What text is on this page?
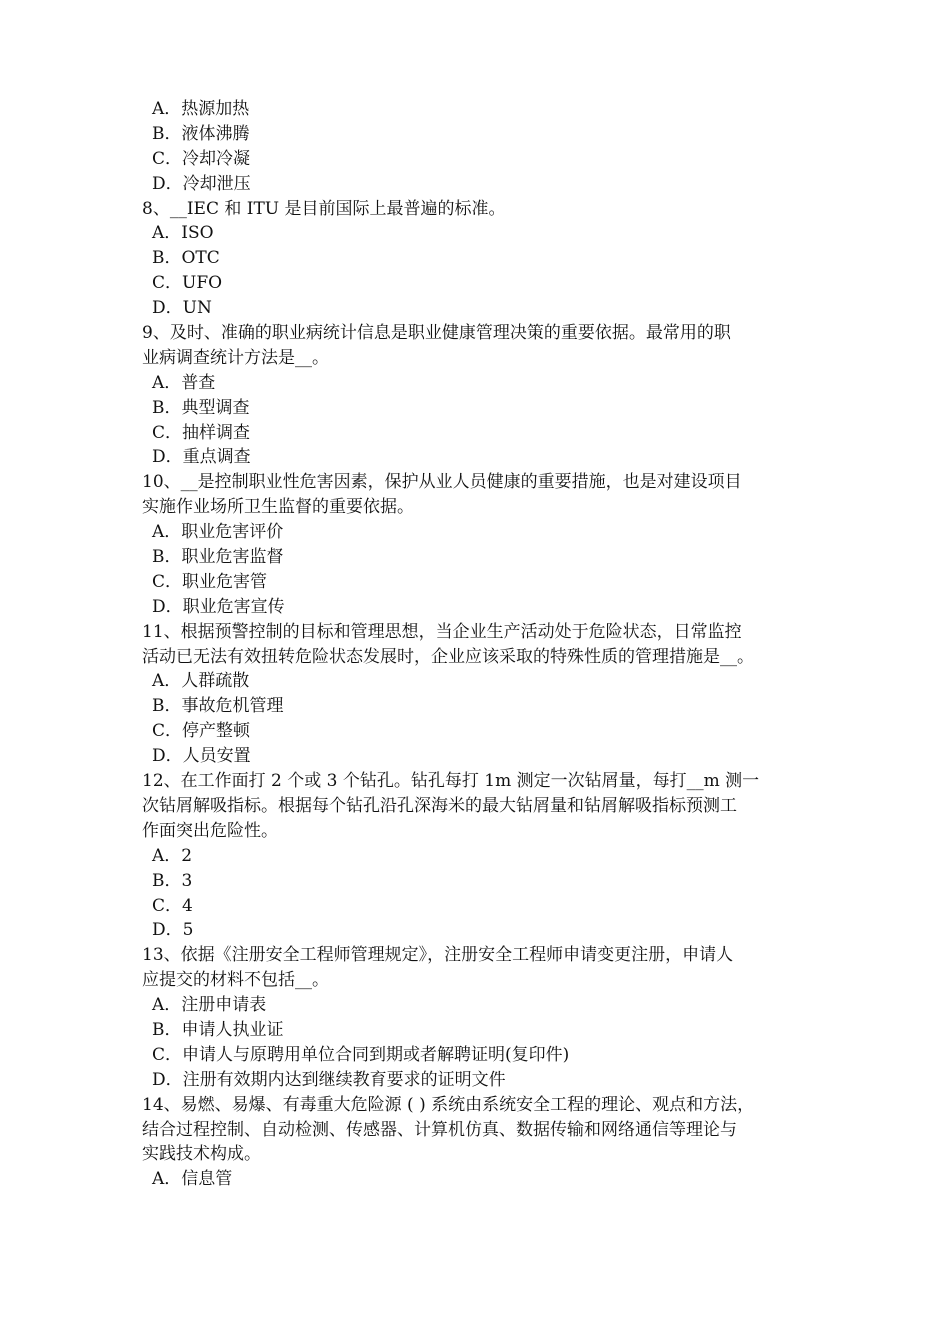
A．热源加热
B．液体沸腾
C．冷却冷凝
D．冷却泄压
8、__IEC 和 ITU 是目前国际上最普遍的标准。
A．ISO
B．OTC
C．UFO
D．UN
9、及时、准确的职业病统计信息是职业健康管理决策的重要依据。最常用的职
业病调查统计方法是__。
A．普查
B．典型调查
C．抽样调查
D．重点调查
10、__是控制职业性危害因素，保护从业人员健康的重要措施，也是对建设项目
实施作业场所卫生监督的重要依据。
A．职业危害评价
B．职业危害监督
C．职业危害管
D．职业危害宣传
11、根据预警控制的目标和管理思想，当企业生产活动处于危险状态，日常监控
活动已无法有效扭转危险状态发展时，企业应该采取的特殊性质的管理措施是__。
A．人群疏散
B．事故危机管理
C．停产整顿
D．人员安置
12、在工作面打 2 个或 3 个钻孔。钻孔每打 1m 测定一次钻屑量，每打__m 测一
次钻屑解吸指标。根据每个钻孔沿孔深海米的最大钻屑量和钻屑解吸指标预测工
作面突出危险性。
A．2
B．3
C．4
D．5
13、依据《注册安全工程师管理规定》，注册安全工程师申请变更注册，申请人
应提交的材料不包括__。
A．注册申请表
B．申请人执业证
C．申请人与原聘用单位合同到期或者解聘证明(复印件)
D．注册有效期内达到继续教育要求的证明文件
14、易燃、易爆、有毒重大危险源 ( ) 系统由系统安全工程的理论、观点和方法，
结合过程控制、自动检测、传感器、计算机仿真、数据传输和网络通信等理论与
实践技术构成。
A．信息管
